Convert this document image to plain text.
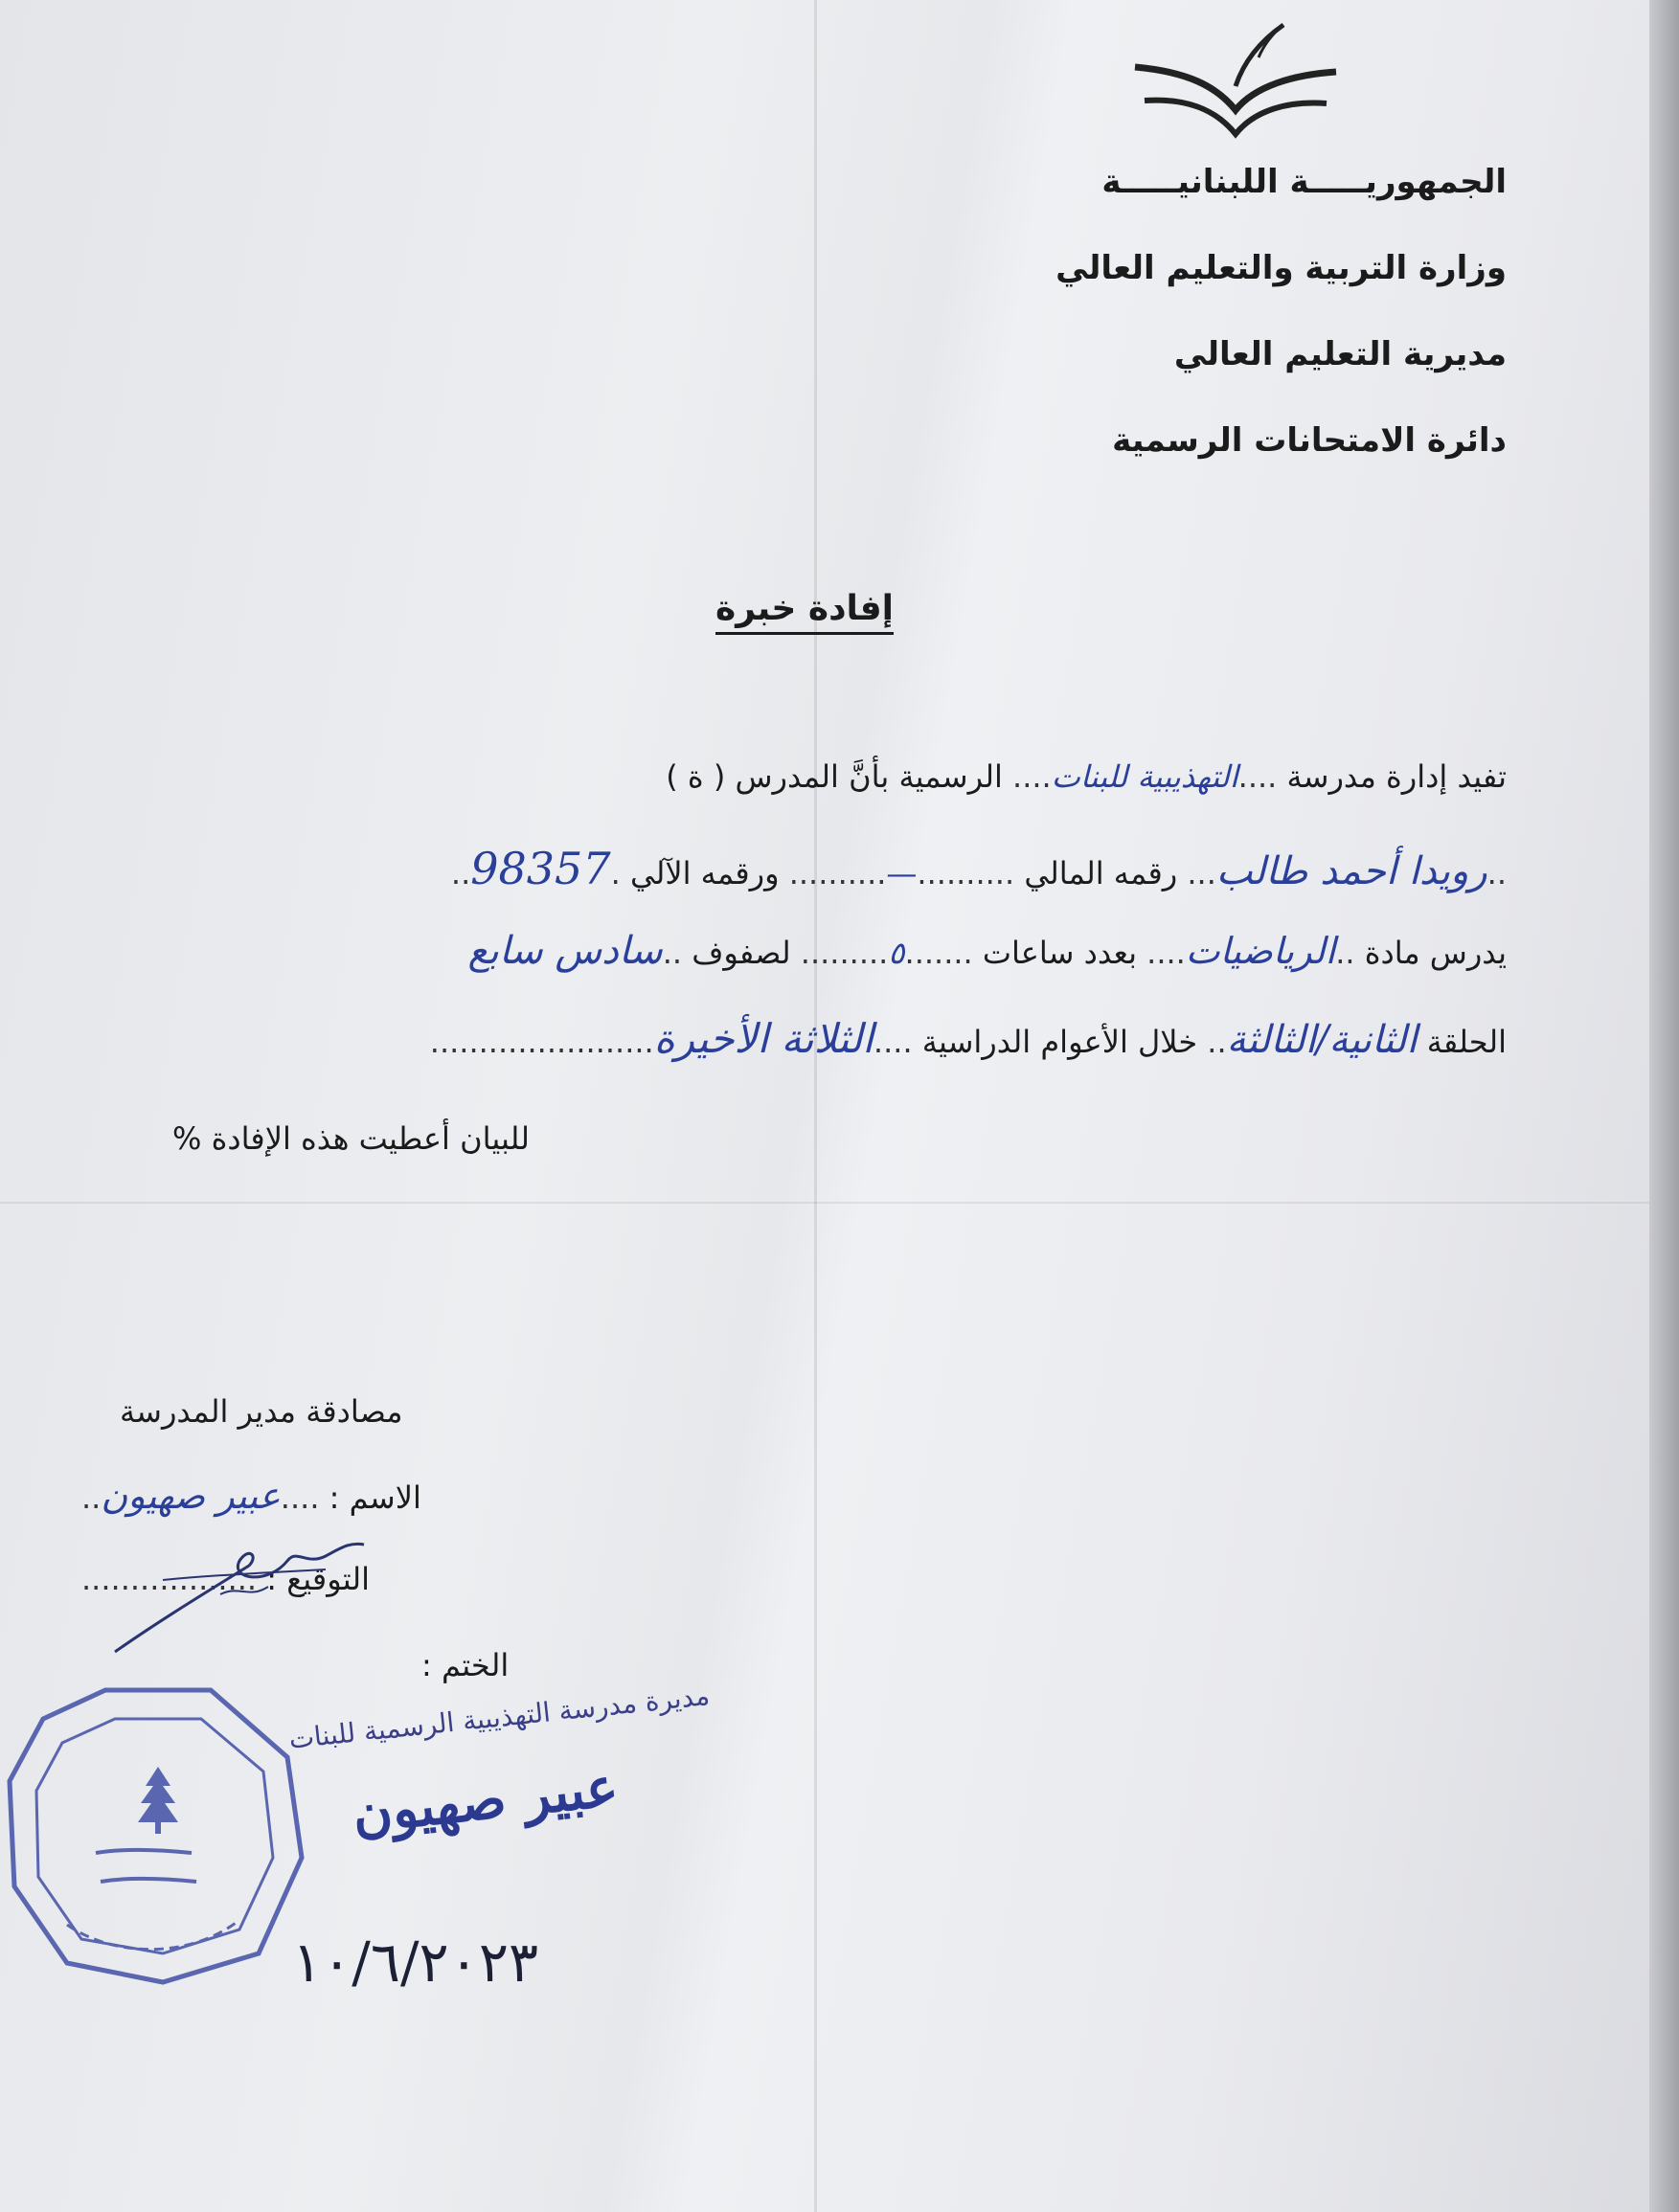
الجمهوريـــــة اللبنانيـــــة
وزارة التربية والتعليم العالي
مديرية التعليم العالي
دائرة الامتحانات الرسمية
إفادة خبرة
تفيد إدارة مدرسة ....التهذيبية للبنات.... الرسمية بأنَّ المدرس ( ة )
..رويدا أحمد طالب... رقمه المالي ..........—.......... ورقمه الآلي .98357..
يدرس مادة ..الرياضيات.... بعدد ساعات .......٥......... لصفوف ..سادس سابع
الحلقة الثانية/الثالثة.. خلال الأعوام الدراسية ....الثلاثة الأخيرة.......................
للبيان أعطيت هذه الإفادة %
مصادقة مدير المدرسة
الاسم : ....عبير صهيون..
التوقيع : ..................
الختم :
مديرة مدرسة التهذيبية الرسمية للبنات
عبير صهيون
١٠/٦/٢٠٢٣
